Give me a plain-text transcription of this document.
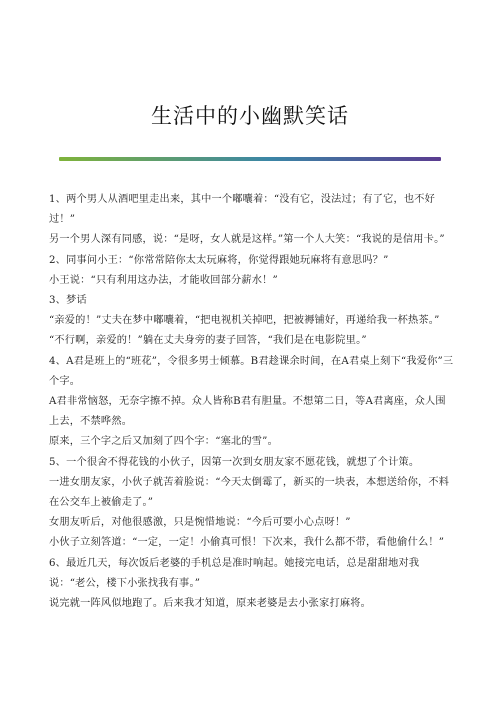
生活中的小幽默笑话

1、两个男人从酒吧里走出来，其中一个嘟囔着：“没有它，没法过；有了它，也不好过！”

另一个男人深有同感，说：“是呀，女人就是这样。”第一个人大笑：“我说的是信用卡。”

2、同事问小王：“你常常陪你太太玩麻将，你觉得跟她玩麻将有意思吗？”

小王说：“只有利用这办法，才能收回部分薪水！”

3、梦话

“亲爱的！”丈夫在梦中嘟囔着，“把电视机关掉吧，把被褥铺好，再递给我一杯热茶。”

“不行啊，亲爱的！”躺在丈夫身旁的妻子回答，“我们是在电影院里。”

4、A君是班上的“班花”，令很多男士倾慕。B君趁课余时间，在A君桌上刻下“我爱你”三个字。

A君非常恼怒，无奈字擦不掉。众人皆称B君有胆量。不想第二日，等A君离座，众人围上去，不禁哗然。

原来，三个字之后又加刻了四个字：“塞北的雪”。

5、一个很舍不得花钱的小伙子，因第一次到女朋友家不愿花钱，就想了个计策。

一进女朋友家，小伙子就苦着脸说：“今天太倒霉了，新买的一块表，本想送给你，不料在公交车上被偷走了。”

女朋友听后，对他很感激，只是惋惜地说：“今后可要小心点呀！”

小伙子立刻答道：“一定，一定！小偷真可恨！下次来，我什么都不带，看他偷什么！”

6、最近几天，每次饭后老婆的手机总是准时响起。她接完电话，总是甜甜地对我说：“老公，楼下小张找我有事。”

说完就一阵风似地跑了。后来我才知道，原来老婆是去小张家打麻将。
